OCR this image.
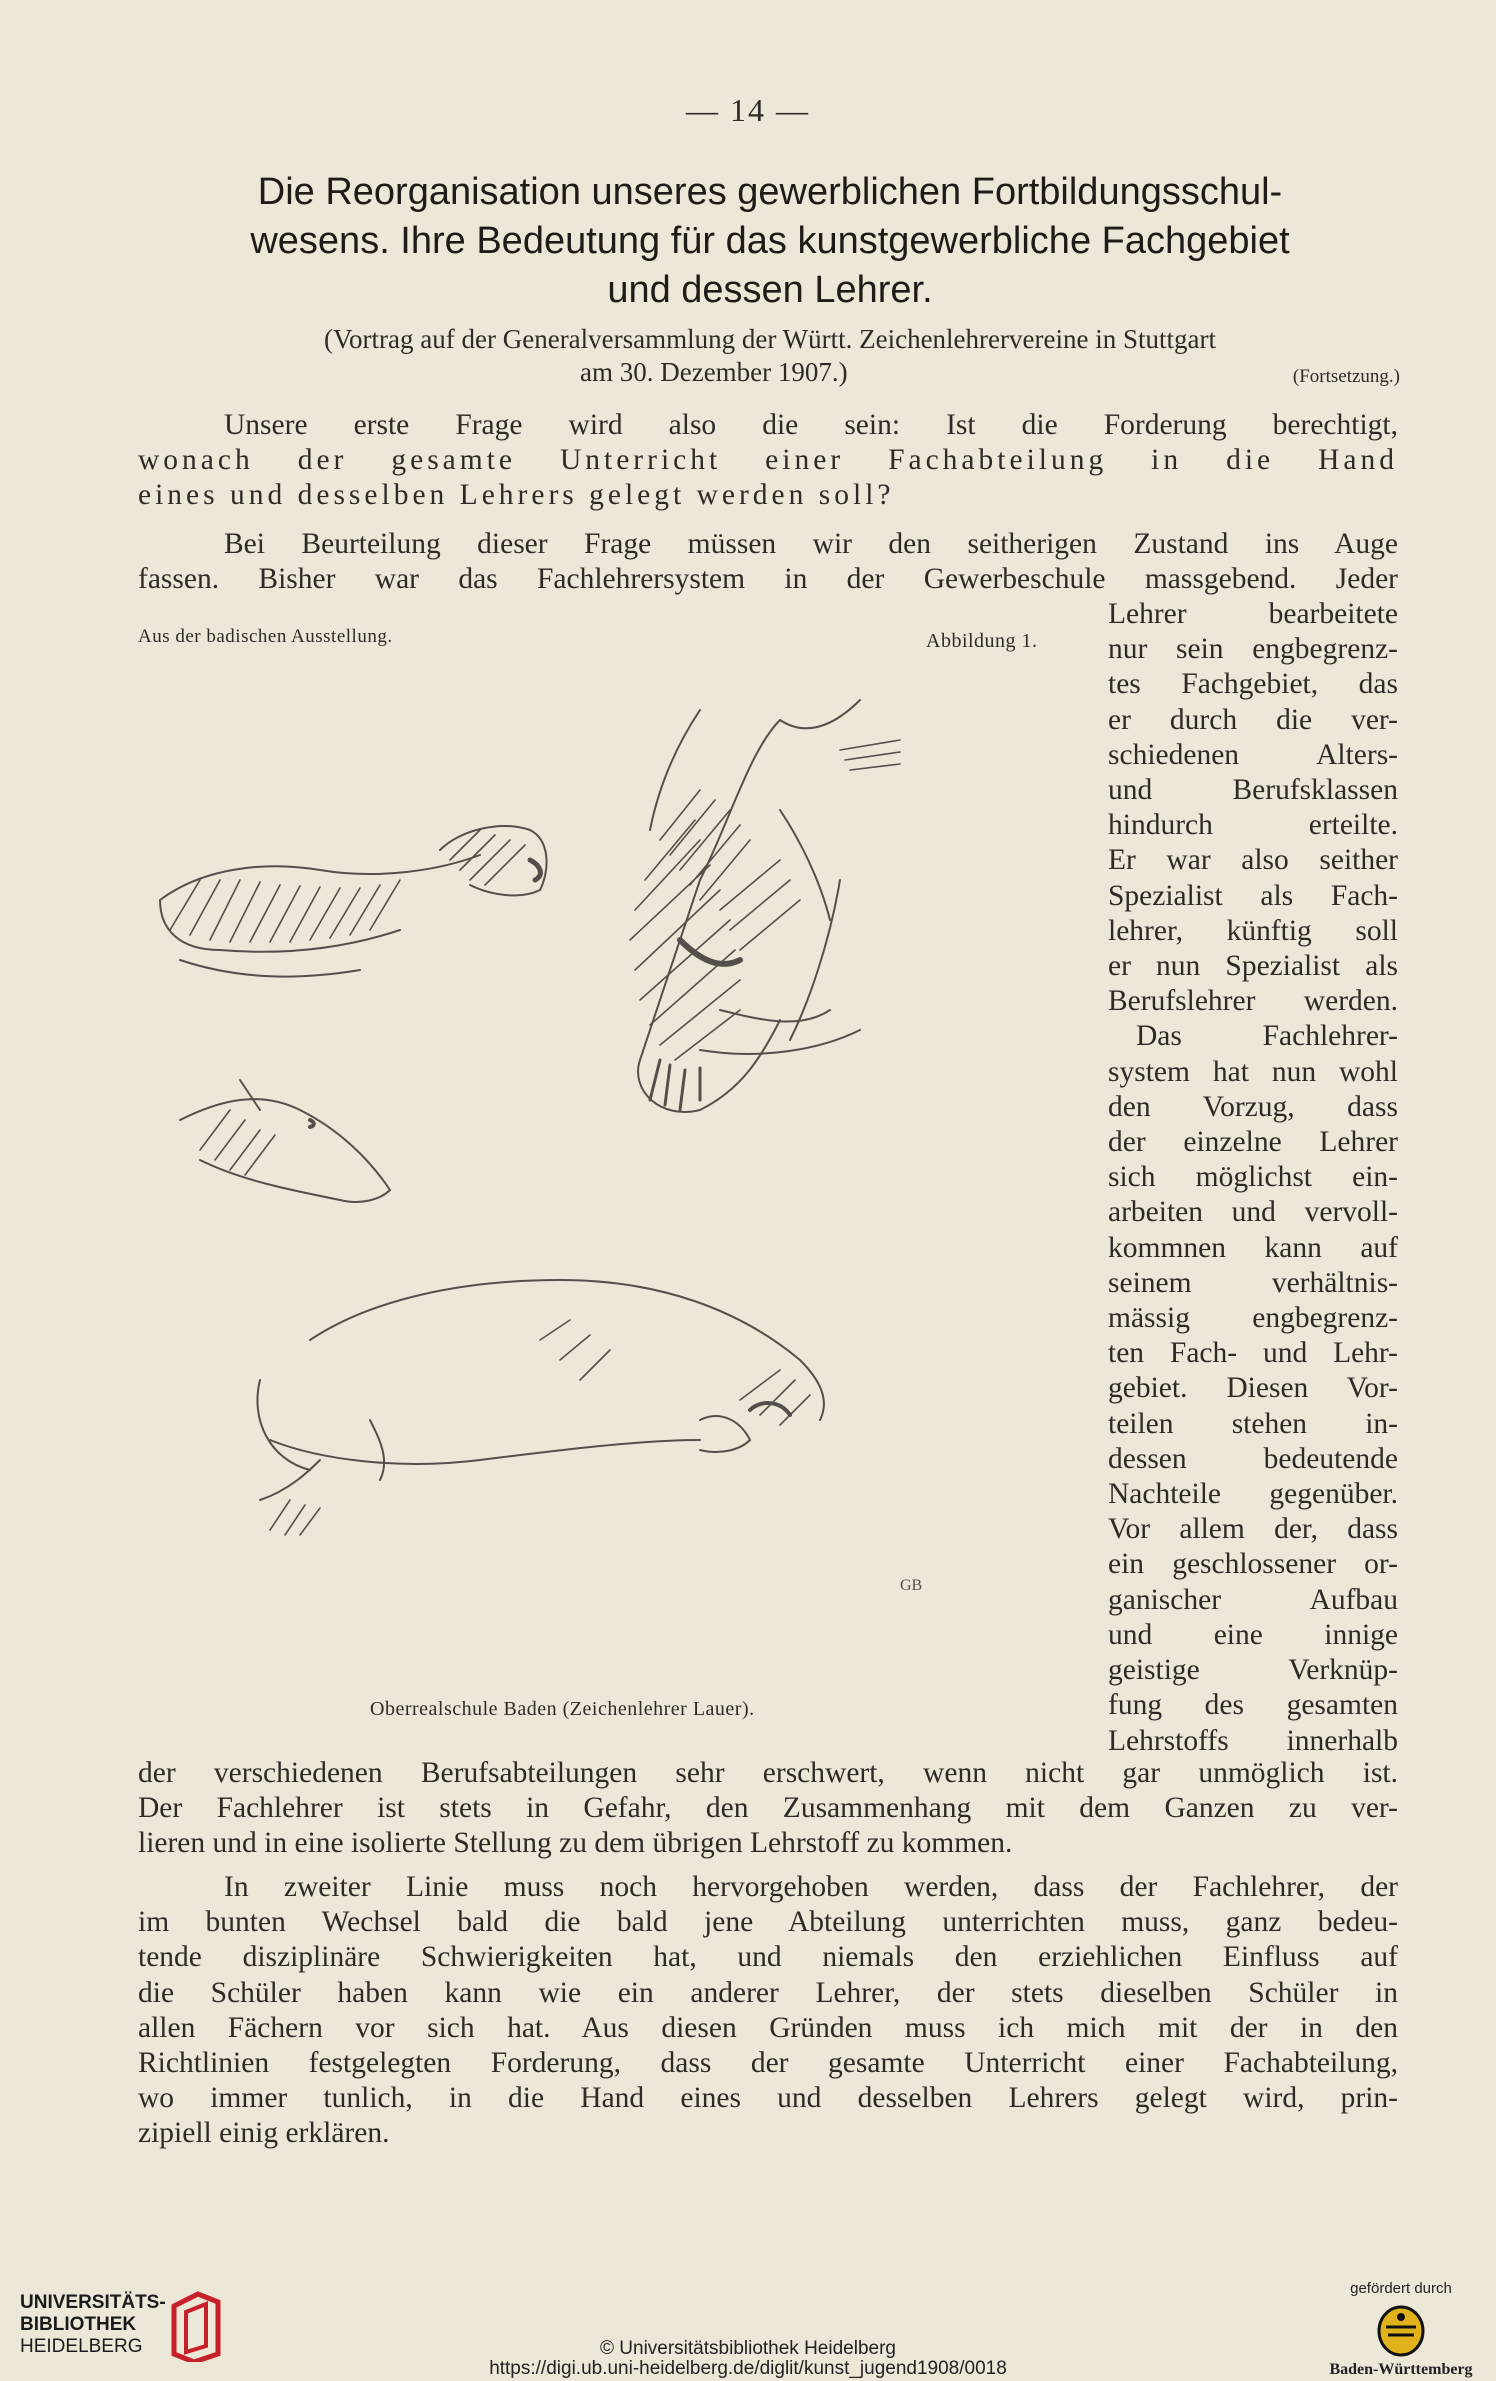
— 14 —
Die Reorganisation unseres gewerblichen Fortbildungsschul-
wesens. Ihre Bedeutung für das kunstgewerbliche Fachgebiet
und dessen Lehrer.
(Vortrag auf der Generalversammlung der Württ. Zeichenlehrervereine in Stuttgart
am 30. Dezember 1907.)	(Fortsetzung.)
Unsere erste Frage wird also die sein: Ist die Forderung berechtigt,
wonach der gesamte Unterricht einer Fachabteilung in die Hand
eines und desselben Lehrers gelegt werden soll?
Bei Beurteilung dieser Frage müssen wir den seitherigen Zustand ins Auge
fassen. Bisher war das Fachlehrersystem in der Gewerbeschule massgebend. Jeder
Aus der badischen Ausstellung.	Abbildung 1.
GB
Lehrer bearbeitete
nur sein engbegrenz-
tes Fachgebiet, das
er durch die ver-
schiedenen Alters-
und Berufsklassen
hindurch erteilte.
Er war also seither
Spezialist als Fach-
lehrer, künftig soll
er nun Spezialist als
Berufslehrer werden.
Das Fachlehrer-
system hat nun wohl
den Vorzug, dass
der einzelne Lehrer
sich möglichst ein-
arbeiten und vervoll-
kommnen kann auf
seinem verhältnis-
mässig engbegrenz-
ten Fach- und Lehr-
gebiet. Diesen Vor-
teilen stehen in-
dessen bedeutende
Nachteile gegenüber.
Vor allem der, dass
ein geschlossener or-
ganischer Aufbau
und eine innige
geistige Verknüp-
fung des gesamten
Lehrstoffs innerhalb
Oberrealschule Baden (Zeichenlehrer Lauer).
der verschiedenen Berufsabteilungen sehr erschwert, wenn nicht gar unmöglich ist.
Der Fachlehrer ist stets in Gefahr, den Zusammenhang mit dem Ganzen zu ver-
lieren und in eine isolierte Stellung zu dem übrigen Lehrstoff zu kommen.
In zweiter Linie muss noch hervorgehoben werden, dass der Fachlehrer, der
im bunten Wechsel bald die bald jene Abteilung unterrichten muss, ganz bedeu-
tende disziplinäre Schwierigkeiten hat, und niemals den erziehlichen Einfluss auf
die Schüler haben kann wie ein anderer Lehrer, der stets dieselben Schüler in
allen Fächern vor sich hat. Aus diesen Gründen muss ich mich mit der in den
Richtlinien festgelegten Forderung, dass der gesamte Unterricht einer Fachabteilung,
wo immer tunlich, in die Hand eines und desselben Lehrers gelegt wird, prin-
zipiell einig erklären.
UNIVERSITÄTS-
BIBLIOTHEK
HEIDELBERG	© Universitätsbibliothek Heidelberg
https://digi.ub.uni-heidelberg.de/diglit/kunst_jugend1908/0018
gefördert durch
Baden-Württemberg
